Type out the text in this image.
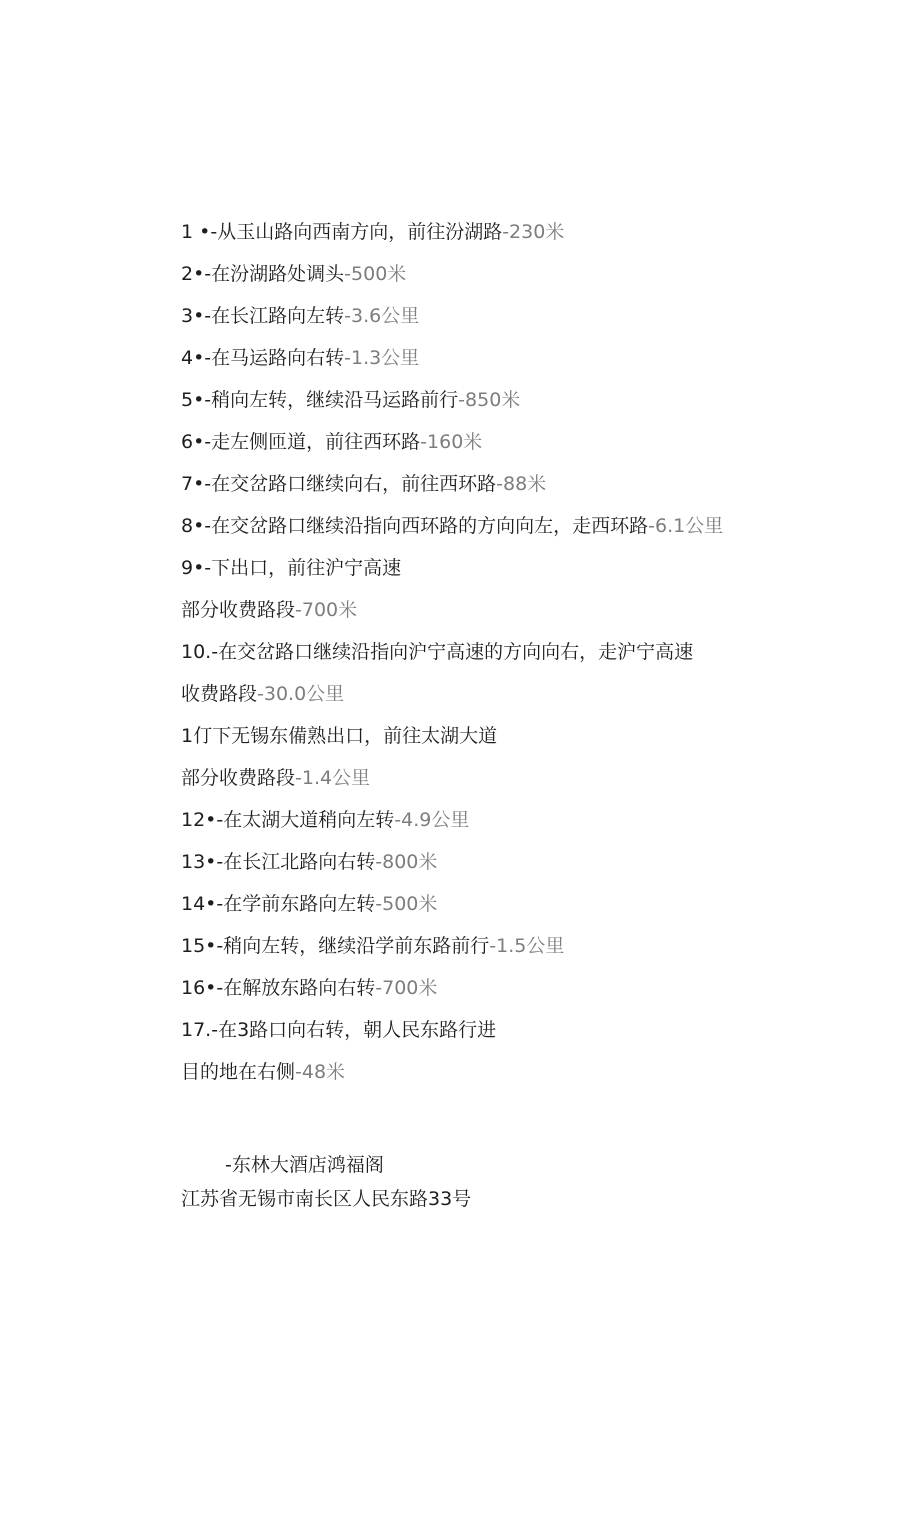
1 •-从玉山路向西南方向，前往汾湖路-230米
2•-在汾湖路处调头-500米
3•-在长江路向左转-3.6公里
4•-在马运路向右转-1.3公里
5•-稍向左转，继续沿马运路前行-850米
6•-走左侧匝道，前往西环路-160米
7•-在交岔路口继续向右，前往西环路-88米
8•-在交岔路口继续沿指向西环路的方向向左，走西环路-6.1公里
9•-下出口，前往沪宁高速
部分收费路段-700米
10.-在交岔路口继续沿指向沪宁高速的方向向右，走沪宁高速
收费路段-30.0公里
1仃下无锡东備熟出口，前往太湖大道
部分收费路段-1.4公里
12•-在太湖大道稍向左转-4.9公里
13•-在长江北路向右转-800米
14•-在学前东路向左转-500米
15•-稍向左转，继续沿学前东路前行-1.5公里
16•-在解放东路向右转-700米
17.-在3路口向右转，朝人民东路行进
目的地在右侧-48米
-东林大酒店鸿福阁
江苏省无锡市南长区人民东路33号
